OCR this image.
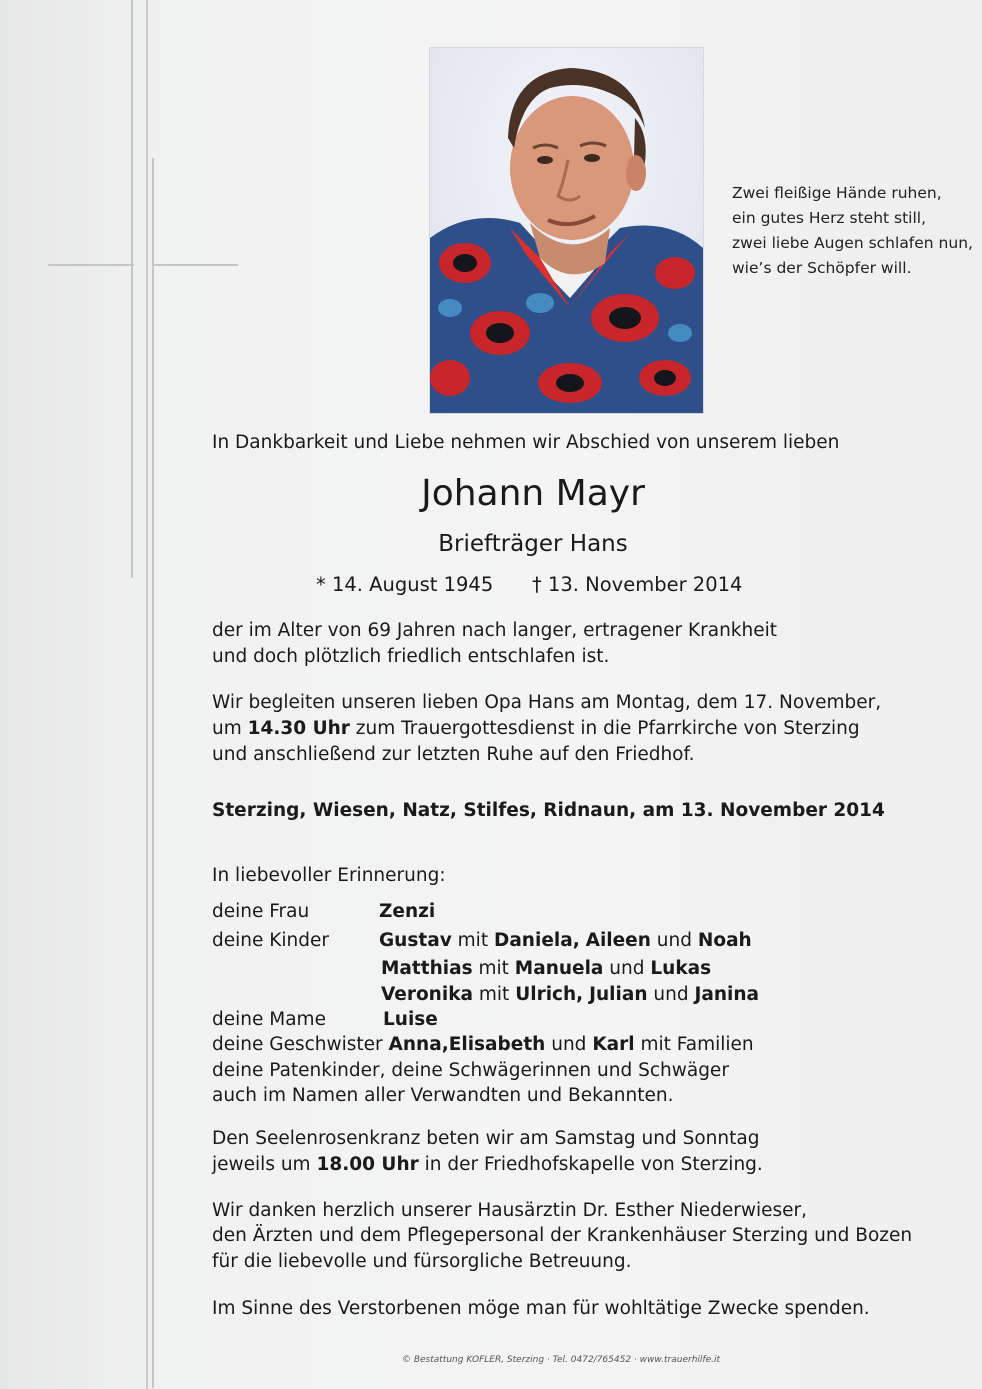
Zwei fleißige Hände ruhen,
ein gutes Herz steht still,
zwei liebe Augen schlafen nun,
wie’s der Schöpfer will.
In Dankbarkeit und Liebe nehmen wir Abschied von unserem lieben
Johann Mayr
Briefträger Hans
* 14. August 1945 † 13. November 2014
der im Alter von 69 Jahren nach langer, ertragener Krankheit
und doch plötzlich friedlich entschlafen ist.
Wir begleiten unseren lieben Opa Hans am Montag, dem 17. November,
um 14.30 Uhr zum Trauergottesdienst in die Pfarrkirche von Sterzing
und anschließend zur letzten Ruhe auf den Friedhof.
Sterzing, Wiesen, Natz, Stilfes, Ridnaun, am 13. November 2014
In liebevoller Erinnerung:
deine Frau	Zenzi
deine Kinder	Gustav mit Daniela, Aileen und Noah
Matthias mit Manuela und Lukas
Veronika mit Ulrich, Julian und Janina
deine Mame	Luise
deine Geschwister Anna,Elisabeth und Karl mit Familien
deine Patenkinder, deine Schwägerinnen und Schwäger
auch im Namen aller Verwandten und Bekannten.
Den Seelenrosenkranz beten wir am Samstag und Sonntag
jeweils um 18.00 Uhr in der Friedhofskapelle von Sterzing.
Wir danken herzlich unserer Hausärztin Dr. Esther Niederwieser,
den Ärzten und dem Pflegepersonal der Krankenhäuser Sterzing und Bozen
für die liebevolle und fürsorgliche Betreuung.
Im Sinne des Verstorbenen möge man für wohltätige Zwecke spenden.
© Bestattung KOFLER, Sterzing · Tel. 0472/765452 · www.trauerhilfe.it
